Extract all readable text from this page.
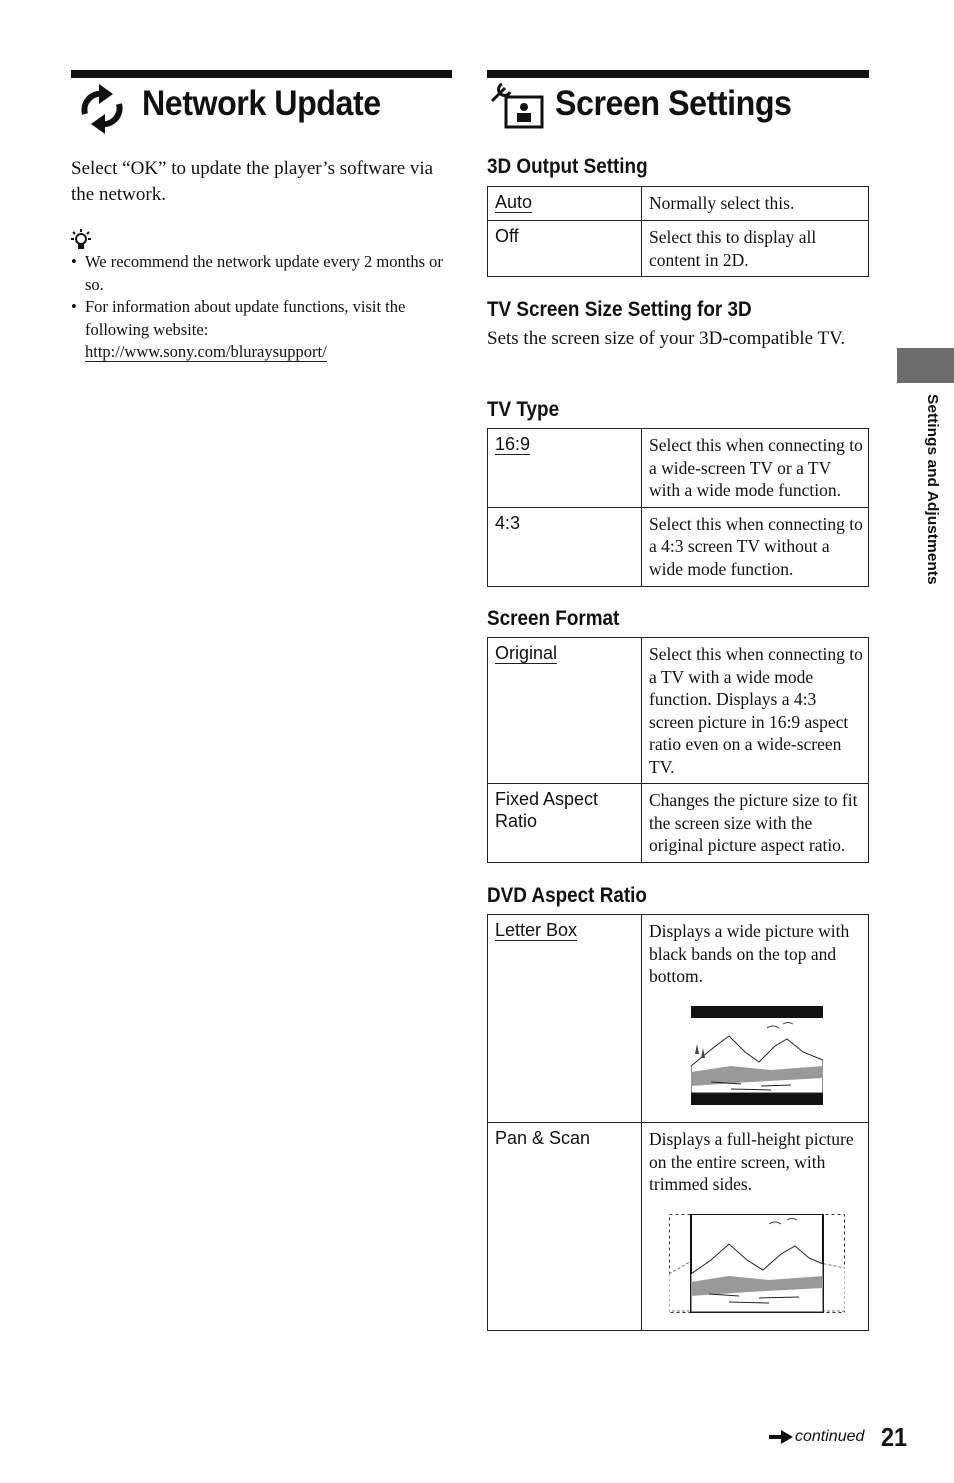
Network Update
Select “OK” to update the player’s software via the network.
• We recommend the network update every 2 months or so.
• For information about update functions, visit the following website:
http://www.sony.com/bluraysupport/
Screen Settings
3D Output Setting
Auto	Normally select this.
Off	Select this to display all content in 2D.
TV Screen Size Setting for 3D
Sets the screen size of your 3D-compatible TV.
TV Type
16:9	Select this when connecting to a wide-screen TV or a TV with a wide mode function.
4:3	Select this when connecting to a 4:3 screen TV without a wide mode function.
Screen Format
Original	Select this when connecting to a TV with a wide mode function. Displays a 4:3 screen picture in 16:9 aspect ratio even on a wide-screen TV.
Fixed Aspect Ratio	Changes the picture size to fit the screen size with the original picture aspect ratio.
DVD Aspect Ratio
Letter Box	Displays a wide picture with black bands on the top and bottom.

Pan & Scan	Displays a full-height picture on the entire screen, with trimmed sides.
Settings and Adjustments
continued 21
